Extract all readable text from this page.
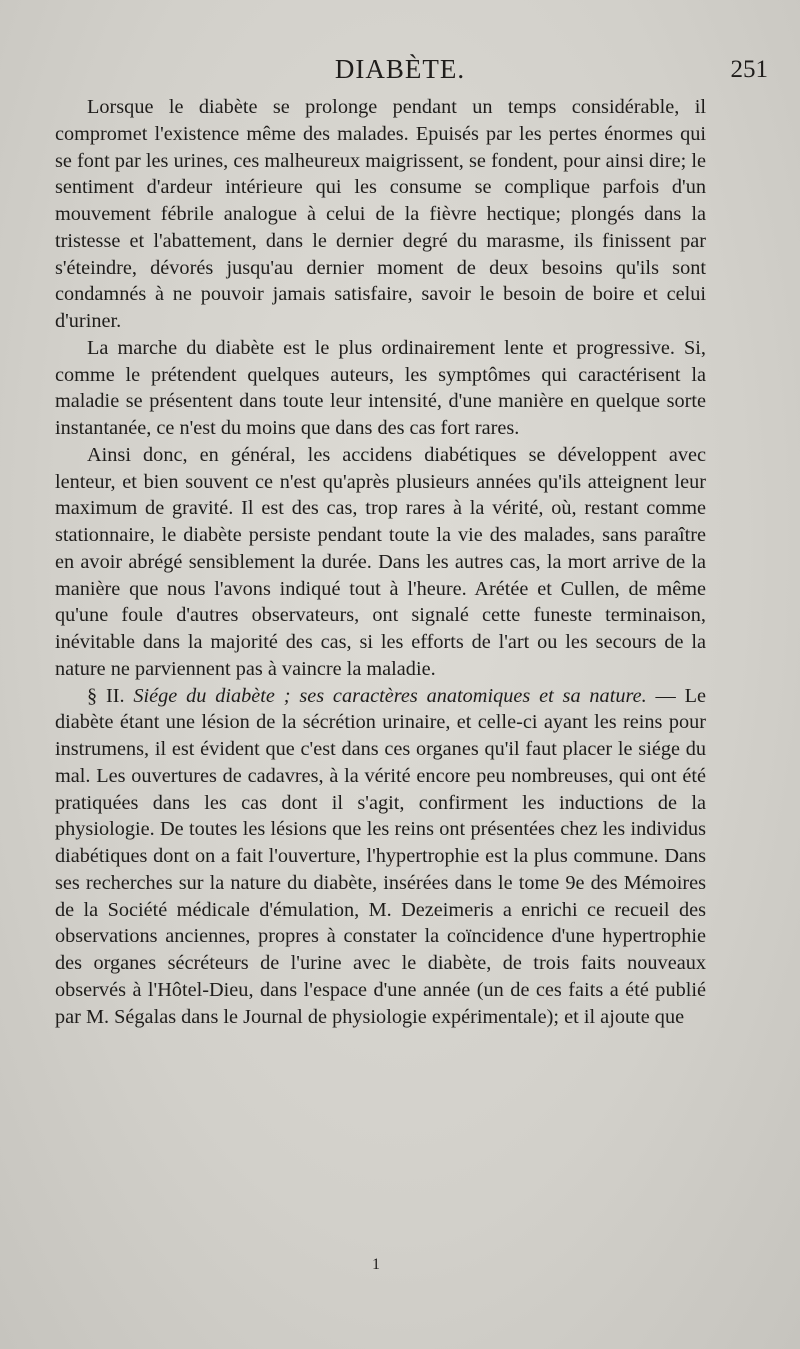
DIABÈTE.	251

Lorsque le diabète se prolonge pendant un temps considérable, il compromet l'existence même des malades. Epuisés par les pertes énormes qui se font par les urines, ces malheureux maigrissent, se fondent, pour ainsi dire; le sentiment d'ardeur intérieure qui les consume se complique parfois d'un mouvement fébrile analogue à celui de la fièvre hectique; plongés dans la tristesse et l'abattement, dans le dernier degré du marasme, ils finissent par s'éteindre, dévorés jusqu'au dernier moment de deux besoins qu'ils sont condamnés à ne pouvoir jamais satisfaire, savoir le besoin de boire et celui d'uriner.

La marche du diabète est le plus ordinairement lente et progressive. Si, comme le prétendent quelques auteurs, les symptômes qui caractérisent la maladie se présentent dans toute leur intensité, d'une manière en quelque sorte instantanée, ce n'est du moins que dans des cas fort rares.

Ainsi donc, en général, les accidens diabétiques se développent avec lenteur, et bien souvent ce n'est qu'après plusieurs années qu'ils atteignent leur maximum de gravité. Il est des cas, trop rares à la vérité, où, restant comme stationnaire, le diabète persiste pendant toute la vie des malades, sans paraître en avoir abrégé sensiblement la durée. Dans les autres cas, la mort arrive de la manière que nous l'avons indiqué tout à l'heure. Arétée et Cullen, de même qu'une foule d'autres observateurs, ont signalé cette funeste terminaison, inévitable dans la majorité des cas, si les efforts de l'art ou les secours de la nature ne parviennent pas à vaincre la maladie.

§ II. Siége du diabète ; ses caractères anatomiques et sa nature. — Le diabète étant une lésion de la sécrétion urinaire, et celle-ci ayant les reins pour instrumens, il est évident que c'est dans ces organes qu'il faut placer le siége du mal. Les ouvertures de cadavres, à la vérité encore peu nombreuses, qui ont été pratiquées dans les cas dont il s'agit, confirment les inductions de la physiologie. De toutes les lésions que les reins ont présentées chez les individus diabétiques dont on a fait l'ouverture, l'hypertrophie est la plus commune. Dans ses recherches sur la nature du diabète, insérées dans le tome 9e des Mémoires de la Société médicale d'émulation, M. Dezeimeris a enrichi ce recueil des observations anciennes, propres à constater la coïncidence d'une hypertrophie des organes sécréteurs de l'urine avec le diabète, de trois faits nouveaux observés à l'Hôtel-Dieu, dans l'espace d'une année (un de ces faits a été publié par M. Ségalas dans le Journal de physiologie expérimentale); et il ajoute que

1
